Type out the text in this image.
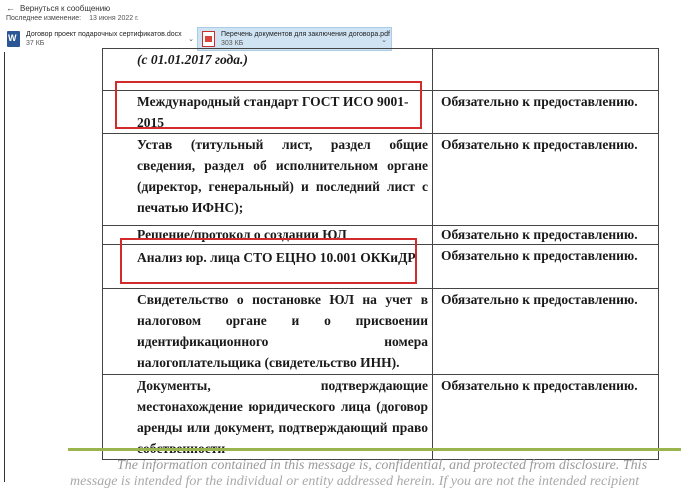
← Вернуться к сообщению
Последнее изменение: 13 июня 2022 г.
W
Договор проект подарочных сертификатов.docx
37 КБ
⌄
Перечень документов для заключения договора.pdf
303 КБ	⌄
(с 01.01.2017 года.)	

Международный стандарт ГОСТ ИСО 9001-2015	Обязательно к предоставлению.

Устав (титульный лист, раздел общие сведения, раздел об исполнительном органе (директор, генеральный) и последний лист с печатью ИФНС);	Обязательно к предоставлению.

Решение/протокол о создании ЮЛ	Обязательно к предоставлению.

Анализ юр. лица СТО ЕЦНО 10.001 ОККиДР	Обязательно к предоставлению.

Свидетельство о постановке ЮЛ на учет в налоговом органе и о присвоении идентификационного номера налогоплательщика (свидетельство ИНН).	Обязательно к предоставлению.

Документы, подтверждающие местонахождение юридического лица (договор аренды или документ, подтверждающий право	Обязательно к предоставлению.
The information contained in this message is, confidential, and protected from disclosure. This
message is intended for the individual or entity addressed herein. If you are not the intended recipient
